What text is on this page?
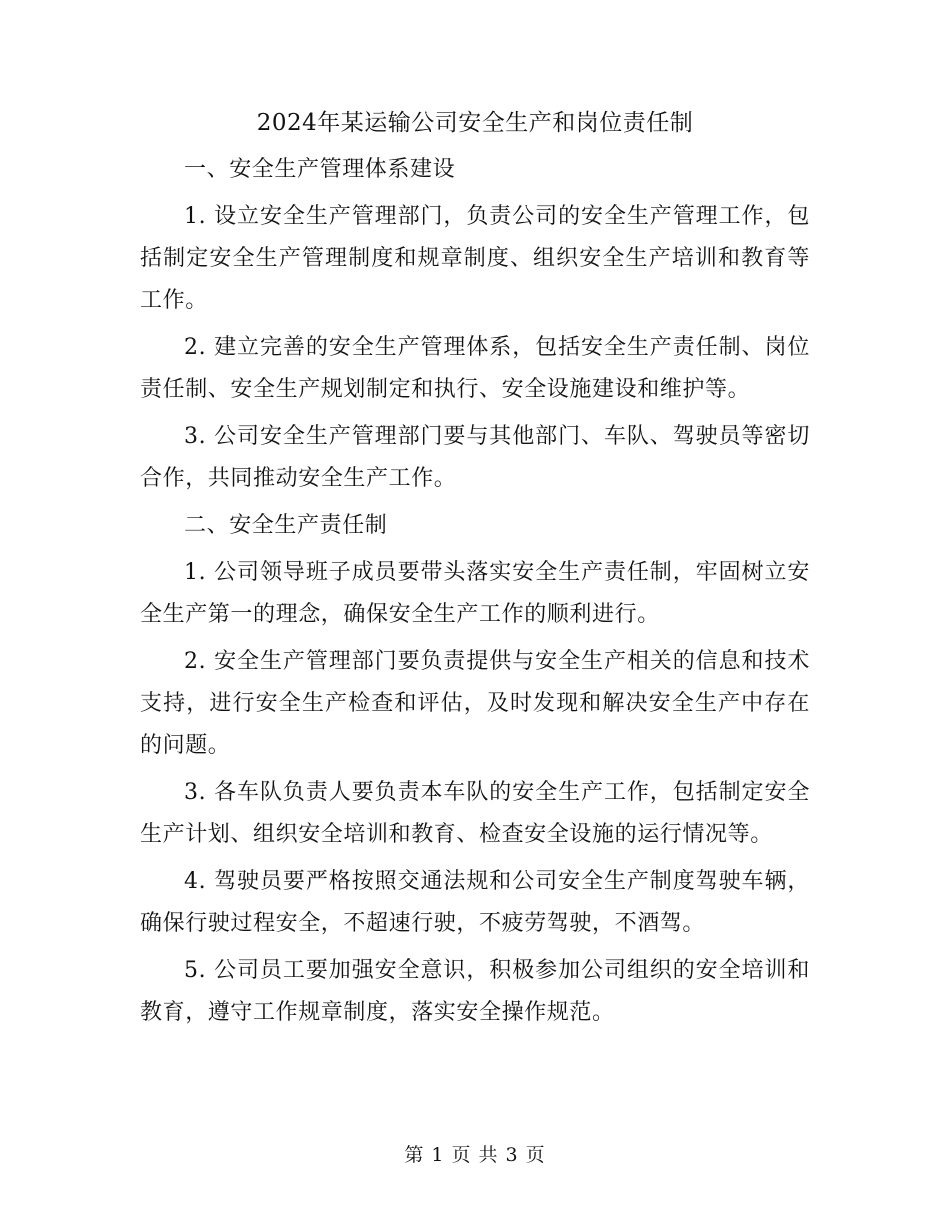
2024年某运输公司安全生产和岗位责任制

一、安全生产管理体系建设

1. 设立安全生产管理部门，负责公司的安全生产管理工作，包括制定安全生产管理制度和规章制度、组织安全生产培训和教育等工作。

2. 建立完善的安全生产管理体系，包括安全生产责任制、岗位责任制、安全生产规划制定和执行、安全设施建设和维护等。

3. 公司安全生产管理部门要与其他部门、车队、驾驶员等密切合作，共同推动安全生产工作。

二、安全生产责任制

1. 公司领导班子成员要带头落实安全生产责任制，牢固树立安全生产第一的理念，确保安全生产工作的顺利进行。

2. 安全生产管理部门要负责提供与安全生产相关的信息和技术支持，进行安全生产检查和评估，及时发现和解决安全生产中存在的问题。

3. 各车队负责人要负责本车队的安全生产工作，包括制定安全生产计划、组织安全培训和教育、检查安全设施的运行情况等。

4. 驾驶员要严格按照交通法规和公司安全生产制度驾驶车辆，确保行驶过程安全，不超速行驶，不疲劳驾驶，不酒驾。

5. 公司员工要加强安全意识，积极参加公司组织的安全培训和教育，遵守工作规章制度，落实安全操作规范。

第 1 页 共 3 页
